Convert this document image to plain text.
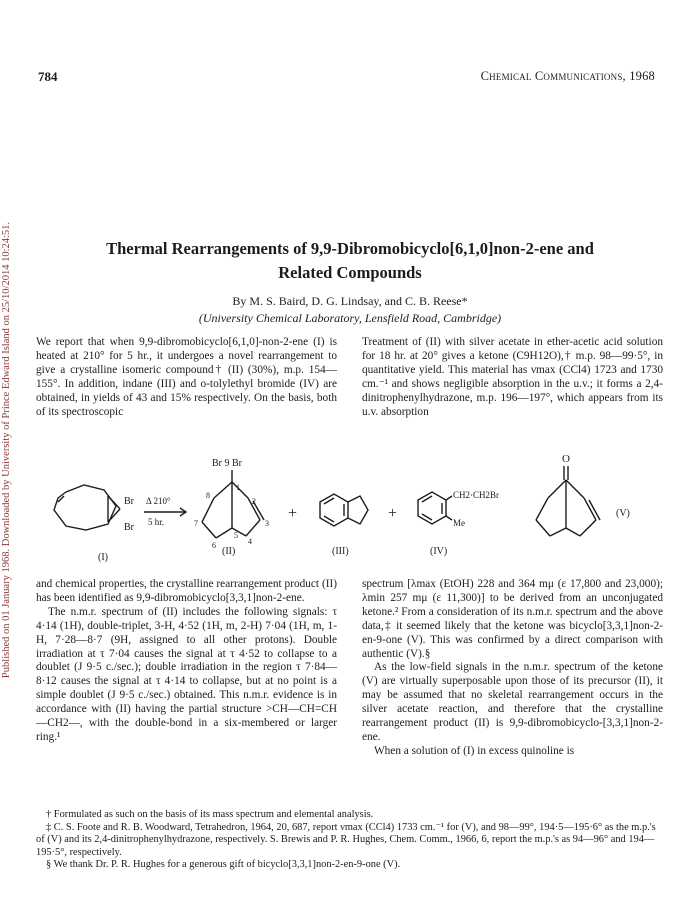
Published on 01 January 1968. Downloaded by University of Prince Edward Island on 25/10/2014 10:24:51.
784	Chemical Communications, 1968
Thermal Rearrangements of 9,9-Dibromobicyclo[6,1,0]non-2-ene and
Related Compounds
By M. S. Baird, D. G. Lindsay, and C. B. Reese*
(University Chemical Laboratory, Lensfield Road, Cambridge)

We report that when 9,9-dibromobicyclo[6,1,0]-non-2-ene (I) is heated at 210° for 5 hr., it undergoes a novel rearrangement to give a crystalline isomeric compound† (II) (30%), m.p. 154—155°. In addition, indane (III) and o-tolylethyl bromide (IV) are obtained, in yields of 43 and 15% respectively. On the basis, both of its spectroscopic

Treatment of (II) with silver acetate in ether-acetic acid solution for 18 hr. at 20° gives a ketone (C9H12O),† m.p. 98—99·5°, in quantitative yield. This material has νmax (CCl4) 1723 and 1730 cm.⁻¹ and shows negligible absorption in the u.v.; it forms a 2,4-dinitrophenylhydrazone, m.p. 196—197°, which appears from its u.v. absorption

Br
Br
(I)
Δ 210°
5 hr.
Br 9 Br
1
2
3
4
5
6
7
8
(II)
+
(III)
+
CH2·CH2Br
Me
(IV)
O
(V)

and chemical properties, the crystalline rearrangement product (II) has been identified as 9,9-dibromobicyclo[3,3,1]non-2-ene.

The n.m.r. spectrum of (II) includes the following signals: τ 4·14 (1H), double-triplet, 3-H, 4·52 (1H, m, 2-H) 7·04 (1H, m, 1-H, 7·28—8·7 (9H, assigned to all other protons). Double irradiation at τ 7·04 causes the signal at τ 4·52 to collapse to a doublet (J 9·5 c./sec.); double irradiation in the region τ 7·84—8·12 causes the signal at τ 4·14 to collapse, but at no point is a simple doublet (J 9·5 c./sec.) obtained. This n.m.r. evidence is in accordance with (II) having the partial structure >CH—CH=CH—CH2—, with the double-bond in a six-membered or larger ring.¹

spectrum [λmax (EtOH) 228 and 364 mμ (ε 17,800 and 23,000); λmin 257 mμ (ε 11,300)] to be derived from an unconjugated ketone.² From a consideration of its n.m.r. spectrum and the above data,‡ it seemed likely that the ketone was bicyclo[3,3,1]non-2-en-9-one (V). This was confirmed by a direct comparison with authentic (V).§

As the low-field signals in the n.m.r. spectrum of the ketone (V) are virtually superposable upon those of its precursor (II), it may be assumed that no skeletal rearrangement occurs in the silver acetate reaction, and therefore that the crystalline rearrangement product (II) is 9,9-dibromobicyclo-[3,3,1]non-2-ene.

When a solution of (I) in excess quinoline is

† Formulated as such on the basis of its mass spectrum and elemental analysis.

‡ C. S. Foote and R. B. Woodward, Tetrahedron, 1964, 20, 687, report νmax (CCl4) 1733 cm.⁻¹ for (V), and 98—99°, 194·5—195·6° as the m.p.'s of (V) and its 2,4-dinitrophenylhydrazone, respectively. S. Brewis and P. R. Hughes, Chem. Comm., 1966, 6, report the m.p.'s as 94—96° and 194—195·5°, respectively.

§ We thank Dr. P. R. Hughes for a generous gift of bicyclo[3,3,1]non-2-en-9-one (V).
